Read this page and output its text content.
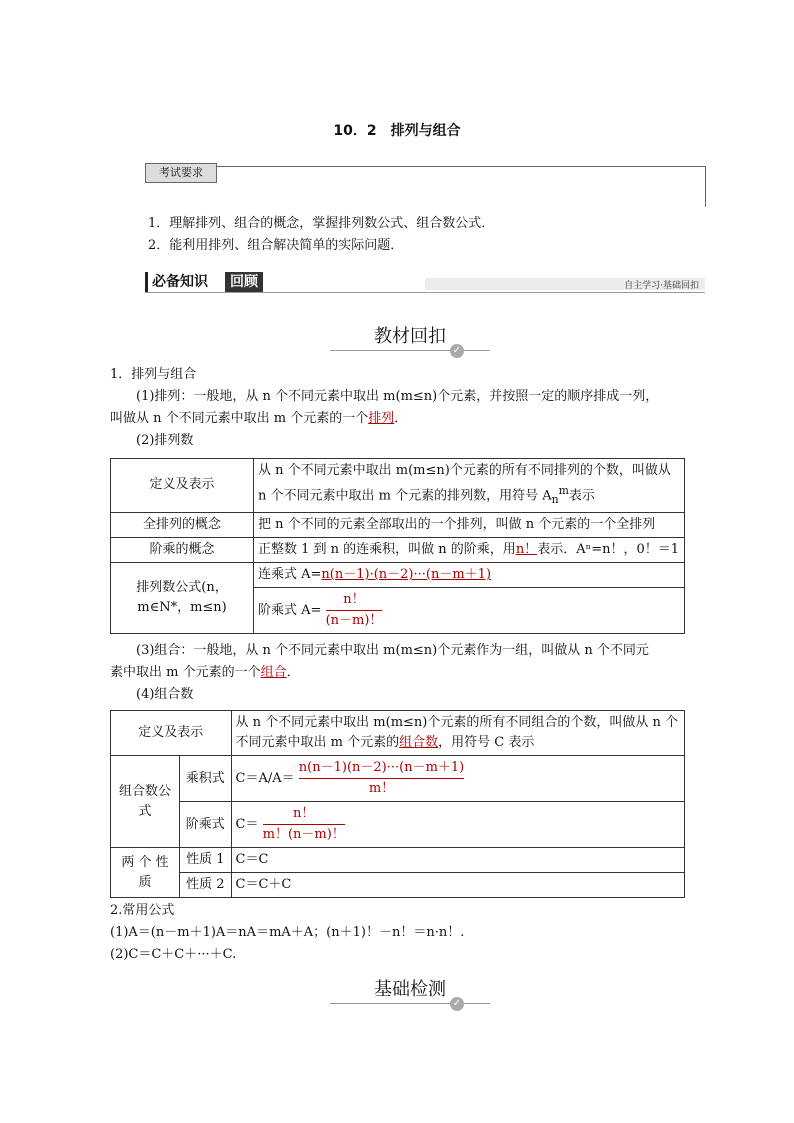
10．2　排列与组合
考试要求
1．理解排列、组合的概念，掌握排列数公式、组合数公式．
2．能利用排列、组合解决简单的实际问题．
必备知识	回顾	自主学习·基础回扣
教材回扣
✓
1．排列与组合
(1)排列：一般地，从 n 个不同元素中取出 m(m≤n)个元素，并按照一定的顺序排成一列，
叫做从 n 个不同元素中取出 m 个元素的一个排列．
(2)排列数
定义及表示	从 n 个不同元素中取出 m(m≤n)个元素的所有不同排列的个数，叫做从 n 个不同元素中取出 m 个元素的排列数，用符号 $A_n^m$表示
全排列的概念	把 n 个不同的元素全部取出的一个排列，叫做 n 个元素的一个全排列
阶乘的概念	正整数 1 到 n 的连乘积，叫做 n 的阶乘，用n！表示．Aⁿ=n！，0！＝1
排列数公式(n，m∈N*，m≤n)	连乘式 A=n(n－1)·(n－2)···(n－m＋1)
	阶乘式 $A= \frac{n!}{(n-m)!}$
(3)组合：一般地，从 n 个不同元素中取出 m(m≤n)个元素作为一组，叫做从 n 个不同元
素中取出 m 个元素的一个组合．
(4)组合数
定义及表示		从 n 个不同元素中取出 m(m≤n)个元素的所有不同组合的个数，叫做从 n 个不同元素中取出 m 个元素的组合数，用符号 C 表示
组合数公式	乘积式	$C=A/A= \frac{n(n-1)(n-2)\cdot\cdot\cdot(n-m+1)}{m!}$

	阶乘式	$C= \frac{n!}{m!(n-m)!}$

两 个 性 质	性质 1	C＝C
	性质 2	C＝C＋C
2.常用公式
(1)A＝(n－m＋1)A＝nA＝mA＋A；(n＋1)！－n！＝n·n！.
(2)C＝C＋C＋···＋C.
基础检测
✓
